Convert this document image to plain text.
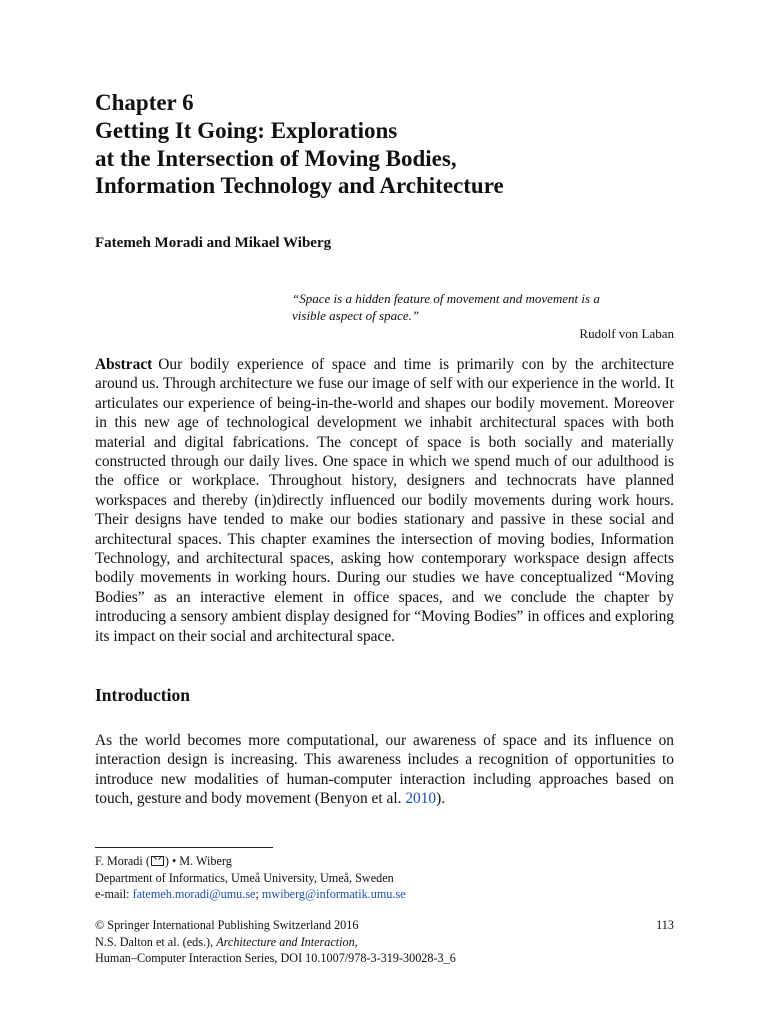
Chapter 6
Getting It Going: Explorations
at the Intersection of Moving Bodies,
Information Technology and Architecture
Fatemeh Moradi and Mikael Wiberg
“Space is a hidden feature of movement and movement is a
visible aspect of space.”
Rudolf von Laban
Abstract Our bodily experience of space and time is primarily con by the architecture around us. Through architecture we fuse our image of self with our experience in the world. It articulates our experience of being-in-the-world and shapes our bodily movement. Moreover in this new age of technological development we inhabit architectural spaces with both material and digital fabrications. The concept of space is both socially and materially constructed through our daily lives. One space in which we spend much of our adulthood is the office or workplace. Throughout history, designers and technocrats have planned workspaces and thereby (in)directly influenced our bodily movements during work hours. Their designs have tended to make our bodies stationary and passive in these social and architectural spaces. This chapter examines the intersection of moving bodies, Information Technology, and architectural spaces, asking how contemporary workspace design affects bodily movements in working hours. During our studies we have conceptualized “Moving Bodies” as an interactive element in office spaces, and we conclude the chapter by introducing a sensory ambient display designed for “Moving Bodies” in offices and exploring its impact on their social and architectural space.
Introduction
As the world becomes more computational, our awareness of space and its influence on interaction design is increasing. This awareness includes a recognition of opportunities to introduce new modalities of human-computer interaction including approaches based on touch, gesture and body movement (Benyon et al. 2010).
F. Moradi ( ) • M. Wiberg
Department of Informatics, Umeå University, Umeå, Sweden
e-mail: fatemeh.moradi@umu.se; mwiberg@informatik.umu.se
© Springer International Publishing Switzerland 2016
N.S. Dalton et al. (eds.), Architecture and Interaction,
Human–Computer Interaction Series, DOI 10.1007/978-3-319-30028-3_6
113
